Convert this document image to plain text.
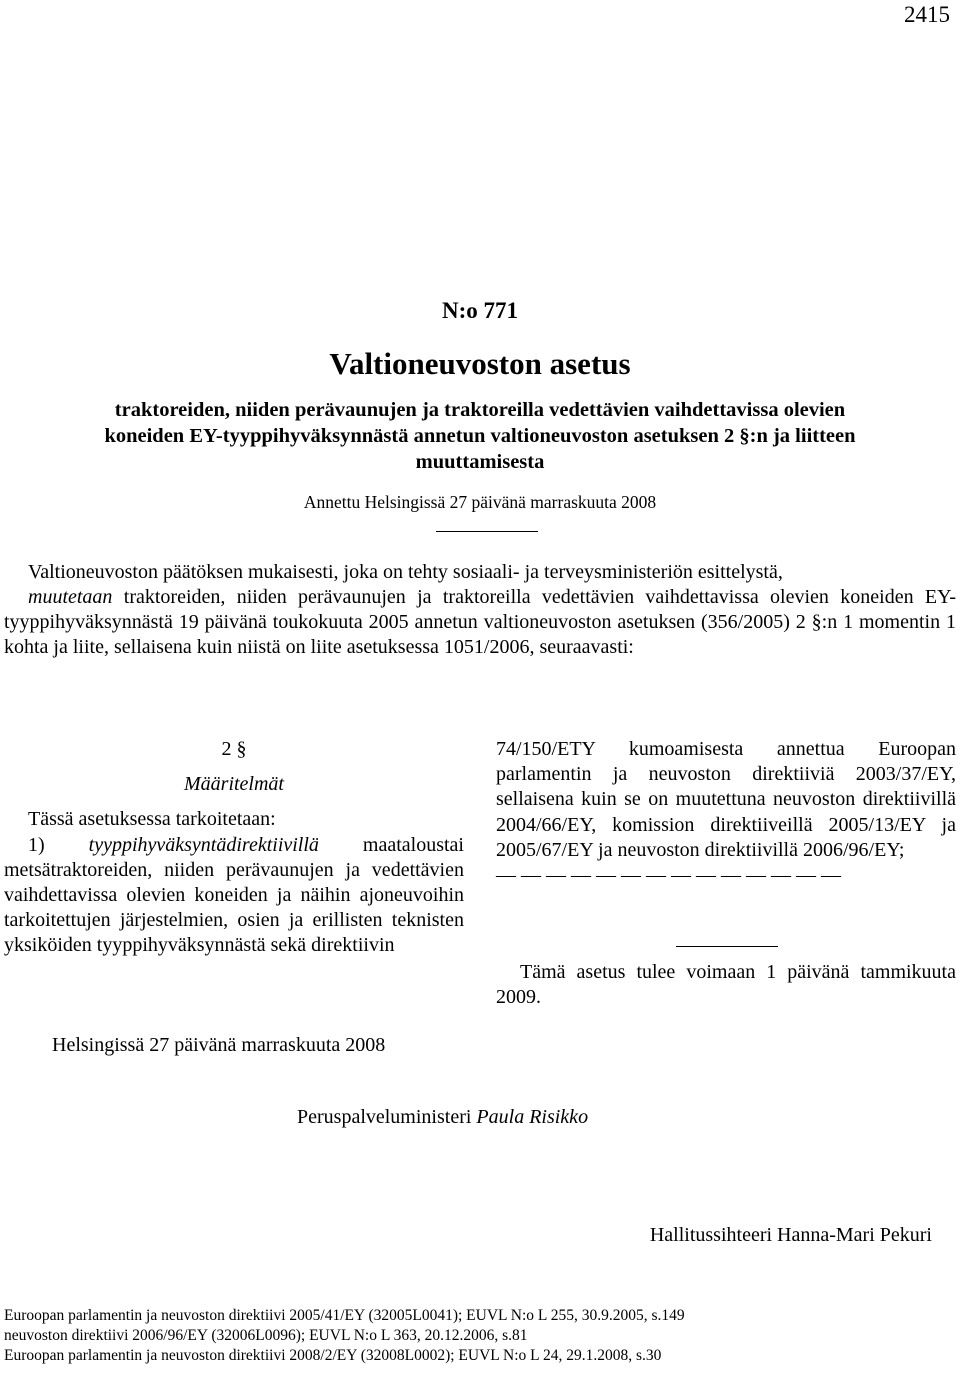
2415
N:o 771
Valtioneuvoston asetus
traktoreiden, niiden perävaunujen ja traktoreilla vedettävien vaihdettavissa olevien
koneiden EY-tyyppihyväksynnästä annetun valtioneuvoston asetuksen 2 §:n ja liitteen
muuttamisesta
Annettu Helsingissä 27 päivänä marraskuuta 2008

Valtioneuvoston päätöksen mukaisesti, joka on tehty sosiaali- ja terveysministeriön esittelystä,

muutetaan traktoreiden, niiden perävaunujen ja traktoreilla vedettävien vaihdettavissa olevien koneiden EY-tyyppihyväksynnästä 19 päivänä toukokuuta 2005 annetun valtioneuvoston asetuksen (356/2005) 2 §:n 1 momentin 1 kohta ja liite, sellaisena kuin niistä on liite asetuksessa 1051/2006, seuraavasti:

2 §

Määritelmät

Tässä asetuksessa tarkoitetaan:

1) tyyppihyväksyntädirektiivillä maataloustai metsätraktoreiden, niiden perävaunujen ja vedettävien vaihdettavissa olevien koneiden ja näihin ajoneuvoihin tarkoitettujen järjestelmien, osien ja erillisten teknisten yksiköiden tyyppihyväksynnästä sekä direktiivin

74/150/ETY kumoamisesta annettua Euroopan parlamentin ja neuvoston direktiiviä 2003/37/EY, sellaisena kuin se on muutettuna neuvoston direktiivillä 2004/66/EY, komission direktiiveillä 2005/13/EY ja 2005/67/EY ja neuvoston direktiivillä 2006/96/EY;

— — — — — — — — — — — — — —

Tämä asetus tulee voimaan 1 päivänä tammikuuta 2009.

Helsingissä 27 päivänä marraskuuta 2008
Peruspalveluministeri Paula Risikko
Hallitussihteeri Hanna-Mari Pekuri
Euroopan parlamentin ja neuvoston direktiivi 2005/41/EY (32005L0041); EUVL N:o L 255, 30.9.2005, s.149
neuvoston direktiivi 2006/96/EY (32006L0096); EUVL N:o L 363, 20.12.2006, s.81
Euroopan parlamentin ja neuvoston direktiivi 2008/2/EY (32008L0002); EUVL N:o L 24, 29.1.2008, s.30
